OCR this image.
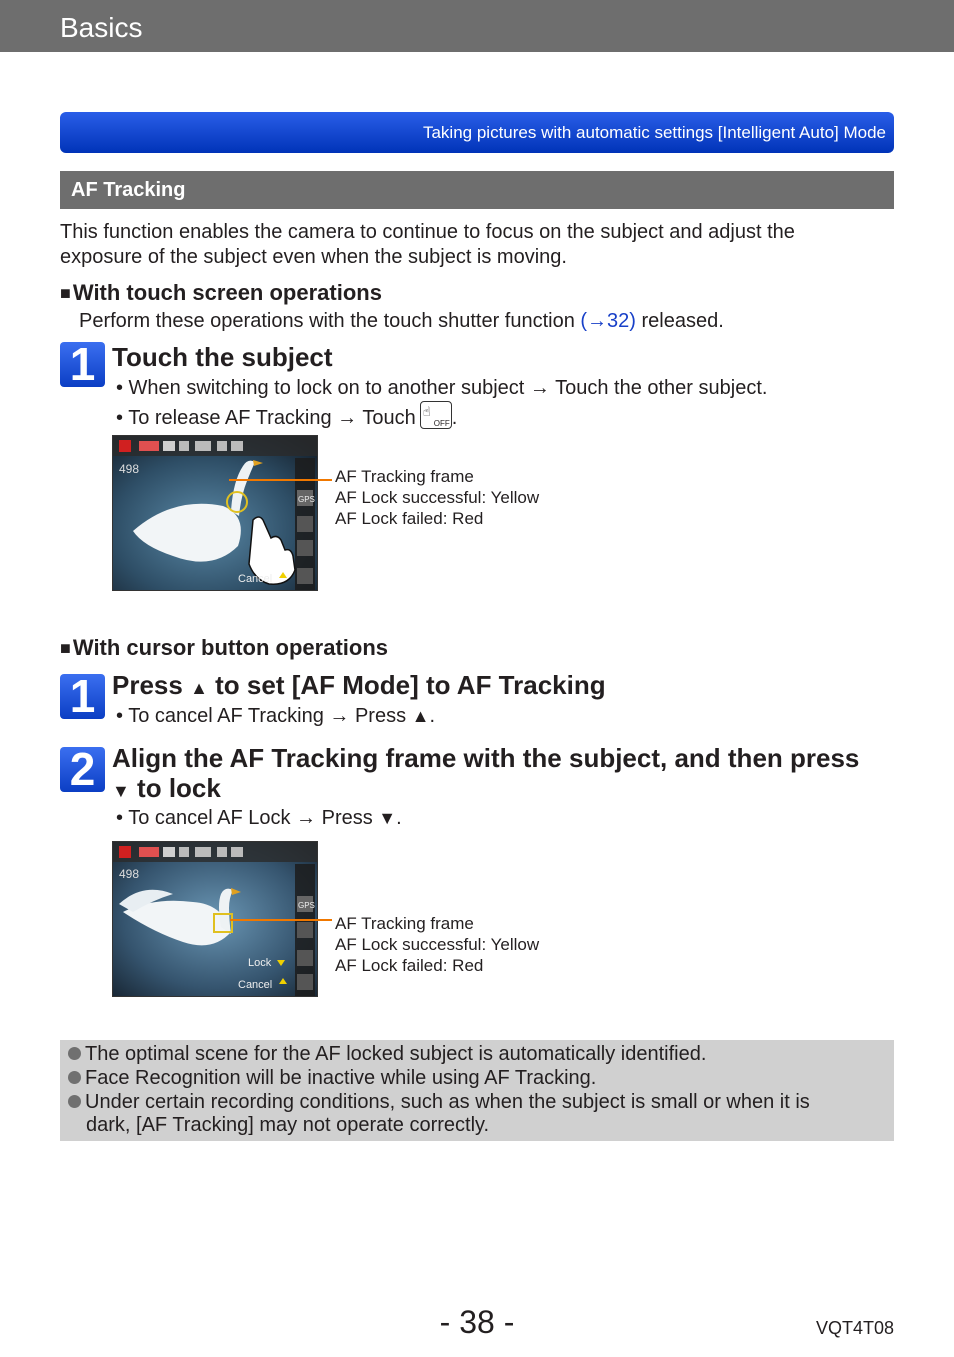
Basics
Taking pictures with automatic settings [Intelligent Auto] Mode
AF Tracking
This function enables the camera to continue to focus on the subject and adjust the
exposure of the subject even when the subject is moving.
■With touch screen operations
Perform these operations with the touch shutter function (→32) released.
1 Touch the subject
• When switching to lock on to another subject → Touch the other subject.
• To release AF Tracking → Touch ☝
OFF .
498
GPS
Cancel
AF Tracking frame
AF Lock successful: Yellow
AF Lock failed: Red
■With cursor button operations
1 Press ▲ to set [AF Mode] to AF Tracking
• To cancel AF Tracking → Press ▲.
2 Align the AF Tracking frame with the subject, and then press
▼ to lock
• To cancel AF Lock → Press ▼.
498
GPS
Lock
Cancel
AF Tracking frame
AF Lock successful: Yellow
AF Lock failed: Red
The optimal scene for the AF locked subject is automatically identified.
Face Recognition will be inactive while using AF Tracking.
Under certain recording conditions, such as when the subject is small or when it is
dark, [AF Tracking] may not operate correctly.
- 38 -	VQT4T08
